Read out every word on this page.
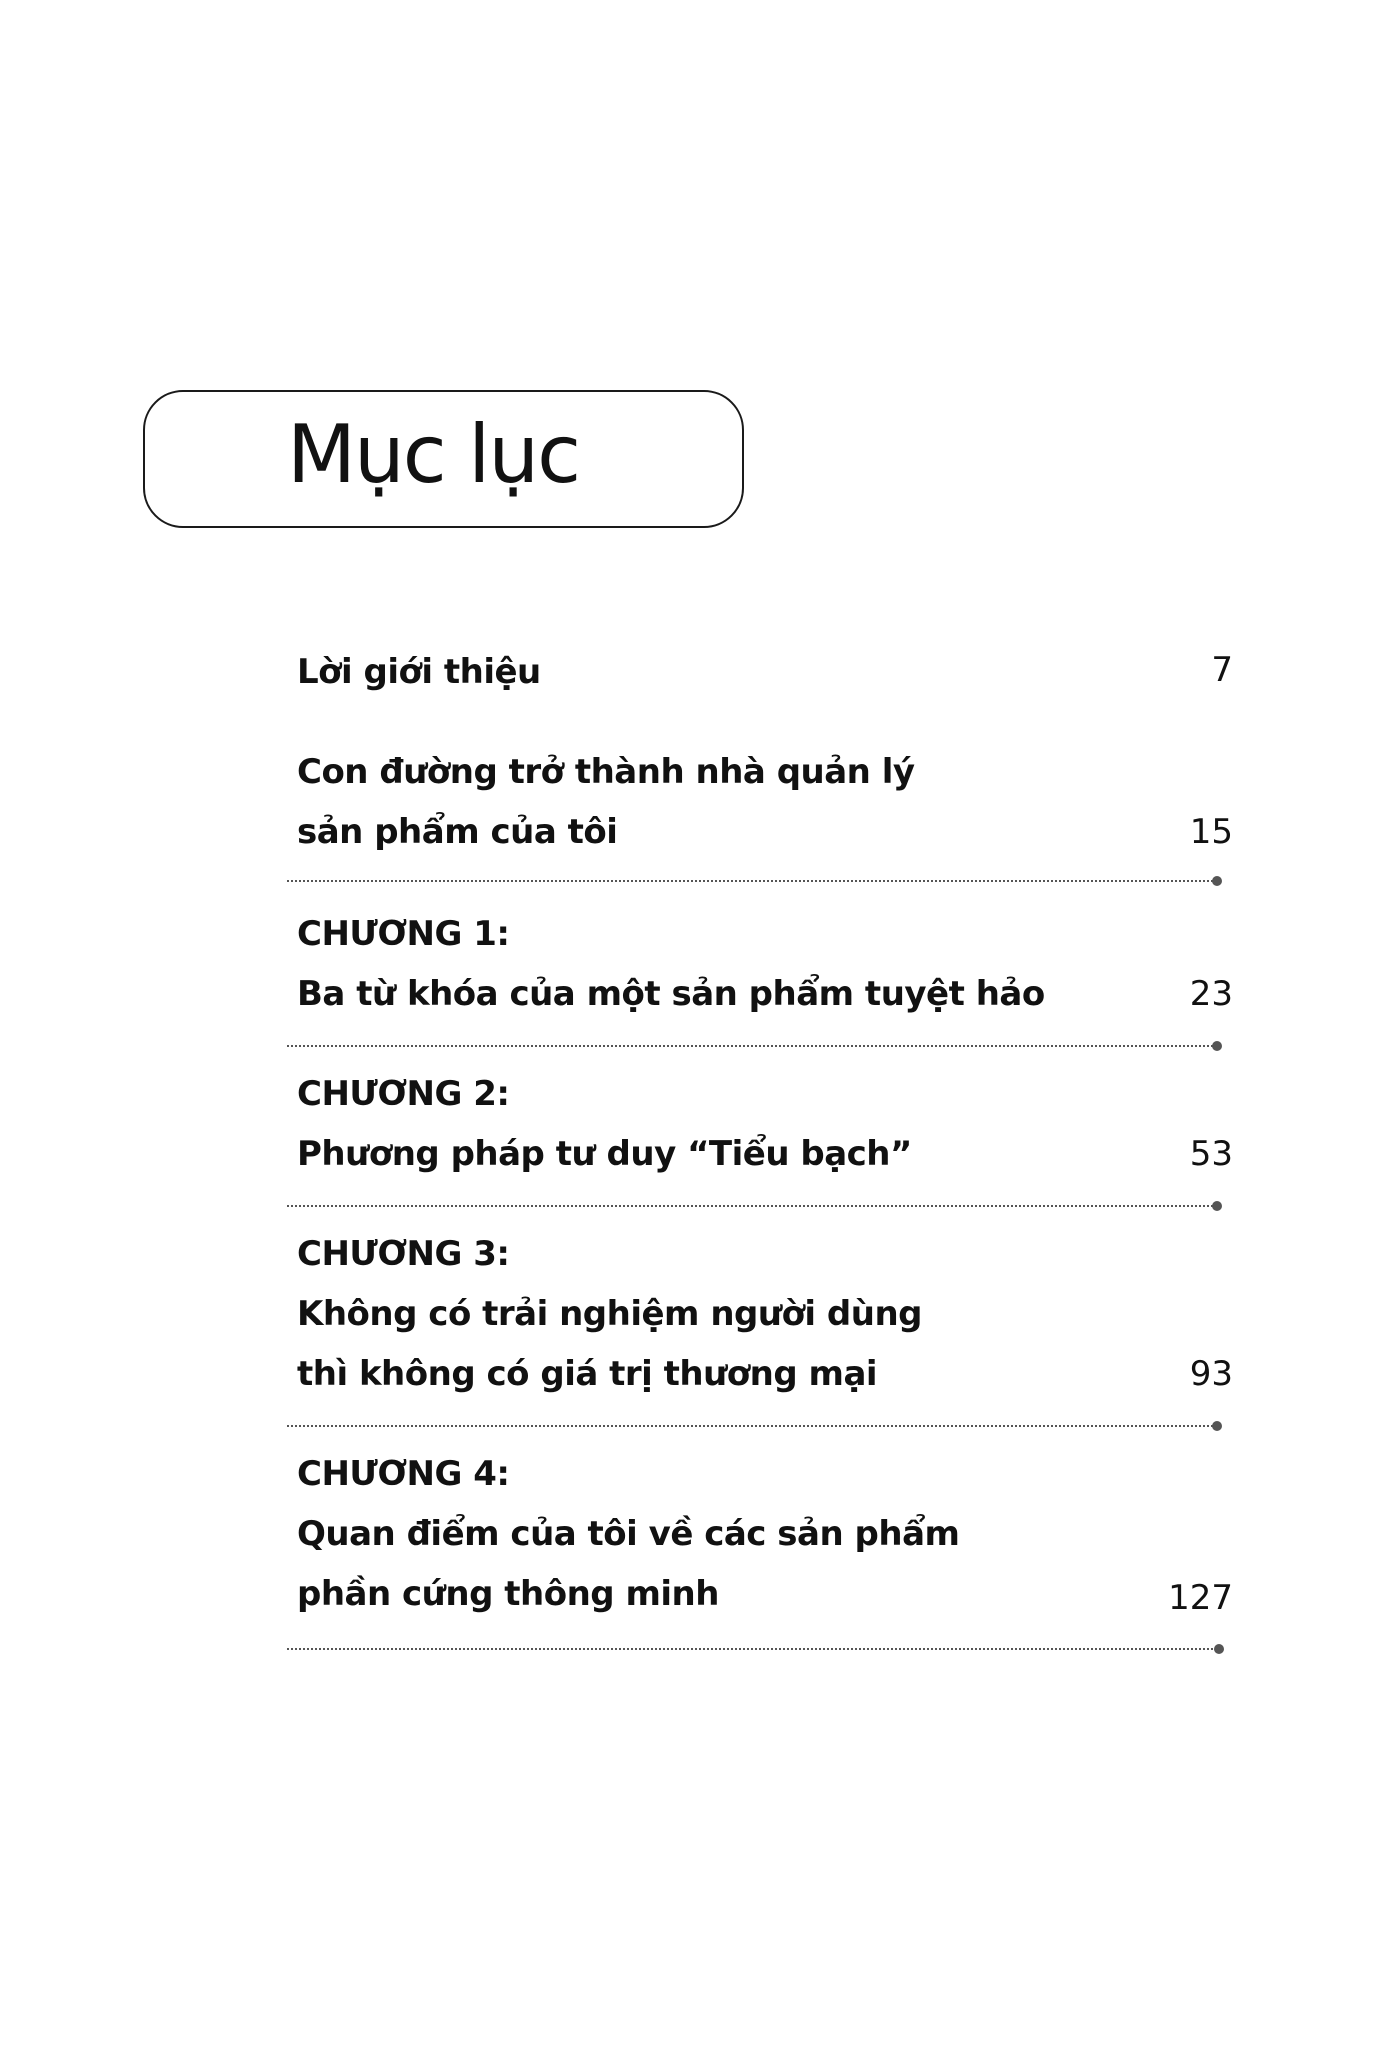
Mục lục

Lời giới thiệu	7

Con đường trở thành nhà quản lý

sản phẩm của tôi	15

CHƯƠNG 1:

Ba từ khóa của một sản phẩm tuyệt hảo	23

CHƯƠNG 2:

Phương pháp tư duy “Tiểu bạch”	53

CHƯƠNG 3:

Không có trải nghiệm người dùng

thì không có giá trị thương mại	93

CHƯƠNG 4:

Quan điểm của tôi về các sản phẩm

phần cứng thông minh	127
